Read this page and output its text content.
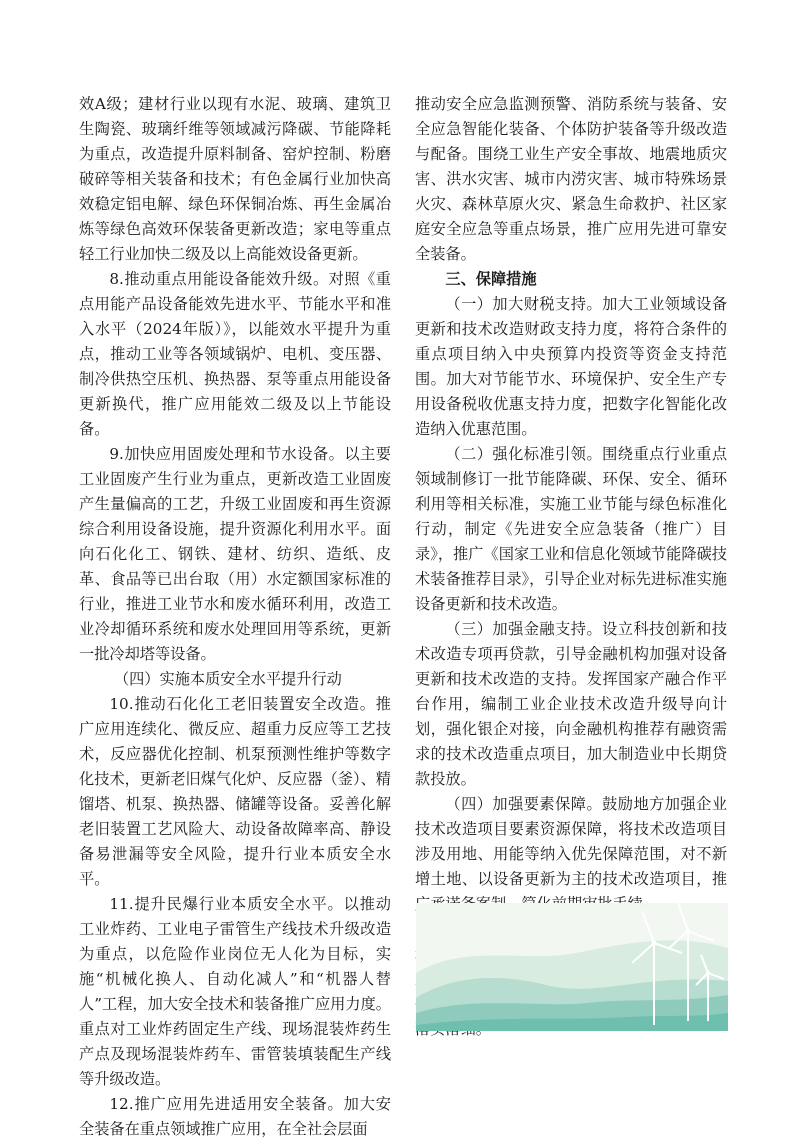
效A级；建材行业以现有水泥、玻璃、建筑卫生陶瓷、玻璃纤维等领域减污降碳、节能降耗为重点，改造提升原料制备、窑炉控制、粉磨破碎等相关装备和技术；有色金属行业加快高效稳定铝电解、绿色环保铜冶炼、再生金属冶炼等绿色高效环保装备更新改造；家电等重点轻工行业加快二级及以上高能效设备更新。

8.推动重点用能设备能效升级。对照《重点用能产品设备能效先进水平、节能水平和准入水平（2024年版）》，以能效水平提升为重点，推动工业等各领域锅炉、电机、变压器、制冷供热空压机、换热器、泵等重点用能设备更新换代，推广应用能效二级及以上节能设备。

9.加快应用固废处理和节水设备。以主要工业固废产生行业为重点，更新改造工业固废产生量偏高的工艺，升级工业固废和再生资源综合利用设备设施，提升资源化利用水平。面向石化化工、钢铁、建材、纺织、造纸、皮革、食品等已出台取（用）水定额国家标准的行业，推进工业节水和废水循环利用，改造工业冷却循环系统和废水处理回用等系统，更新一批冷却塔等设备。

（四）实施本质安全水平提升行动

10.推动石化化工老旧装置安全改造。推广应用连续化、微反应、超重力反应等工艺技术，反应器优化控制、机泵预测性维护等数字化技术，更新老旧煤气化炉、反应器（釜）、精馏塔、机泵、换热器、储罐等设备。妥善化解老旧装置工艺风险大、动设备故障率高、静设备易泄漏等安全风险，提升行业本质安全水平。

11.提升民爆行业本质安全水平。以推动工业炸药、工业电子雷管生产线技术升级改造为重点，以危险作业岗位无人化为目标，实施“机械化换人、自动化减人”和“机器人替人”工程，加大安全技术和装备推广应用力度。重点对工业炸药固定生产线、现场混装炸药生产点及现场混装炸药车、雷管装填装配生产线等升级改造。

12.推广应用先进适用安全装备。加大安全装备在重点领域推广应用，在全社会层面

推动安全应急监测预警、消防系统与装备、安全应急智能化装备、个体防护装备等升级改造与配备。围绕工业生产安全事故、地震地质灾害、洪水灾害、城市内涝灾害、城市特殊场景火灾、森林草原火灾、紧急生命救护、社区家庭安全应急等重点场景，推广应用先进可靠安全装备。

三、保障措施

（一）加大财税支持。加大工业领域设备更新和技术改造财政支持力度，将符合条件的重点项目纳入中央预算内投资等资金支持范围。加大对节能节水、环境保护、安全生产专用设备税收优惠支持力度，把数字化智能化改造纳入优惠范围。

（二）强化标准引领。围绕重点行业重点领域制修订一批节能降碳、环保、安全、循环利用等相关标准，实施工业节能与绿色标准化行动，制定《先进安全应急装备（推广）目录》，推广《国家工业和信息化领域节能降碳技术装备推荐目录》，引导企业对标先进标准实施设备更新和技术改造。

（三）加强金融支持。设立科技创新和技术改造专项再贷款，引导金融机构加强对设备更新和技术改造的支持。发挥国家产融合作平台作用，编制工业企业技术改造升级导向计划，强化银企对接，向金融机构推荐有融资需求的技术改造重点项目，加大制造业中长期贷款投放。

（四）加强要素保障。鼓励地方加强企业技术改造项目要素资源保障，将技术改造项目涉及用地、用能等纳入优先保障范围，对不新增土地、以设备更新为主的技术改造项目，推
